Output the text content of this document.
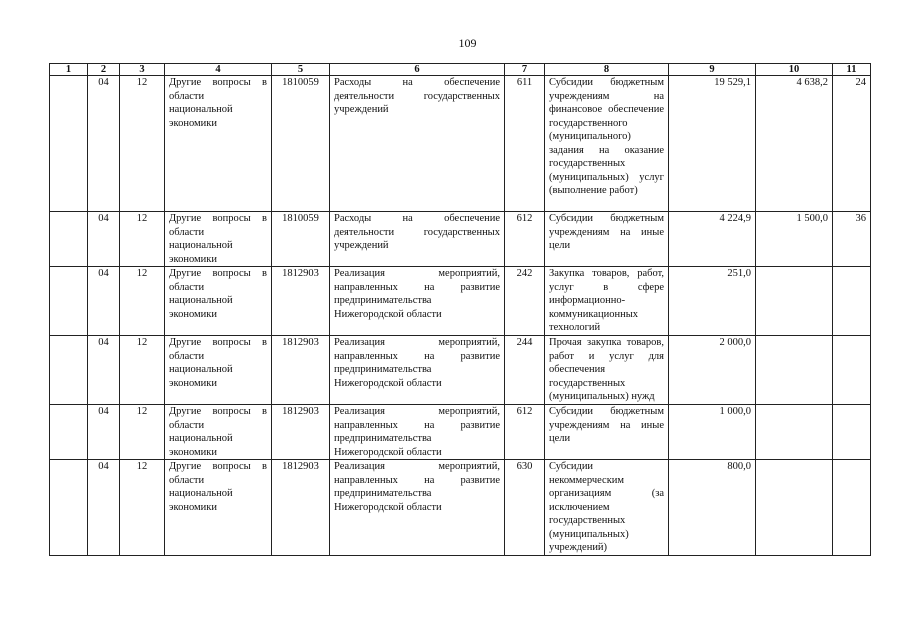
109
1	2	3	4	5	6	7	8	9	10	11
	04	12	Другие вопросы в области национальной экономики	1810059	Расходы на обеспечение деятельности государственных учреждений	611	Субсидии бюджетным учреждениям на финансовое обеспечение государственного (муниципального) задания на оказание государственных (муниципальных) услуг (выполнение работ)	19 529,1	4 638,2	24
	04	12	Другие вопросы в области национальной экономики	1810059	Расходы на обеспечение деятельности государственных учреждений	612	Субсидии бюджетным учреждениям на иные цели	4 224,9	1 500,0	36
	04	12	Другие вопросы в области национальной экономики	1812903	Реализация мероприятий, направленных на развитие предпринимательства Нижегородской области	242	Закупка товаров, работ, услуг в сфере информационно-коммуникационных технологий	251,0		
	04	12	Другие вопросы в области национальной экономики	1812903	Реализация мероприятий, направленных на развитие предпринимательства Нижегородской области	244	Прочая закупка товаров, работ и услуг для обеспечения государственных (муниципальных) нужд	2 000,0		
	04	12	Другие вопросы в области национальной экономики	1812903	Реализация мероприятий, направленных на развитие предпринимательства Нижегородской области	612	Субсидии бюджетным учреждениям на иные цели	1 000,0		
	04	12	Другие вопросы в области национальной экономики	1812903	Реализация мероприятий, направленных на развитие предпринимательства Нижегородской области	630	Субсидии некоммерческим организациям (за исключением государственных (муниципальных) учреждений)	800,0		
